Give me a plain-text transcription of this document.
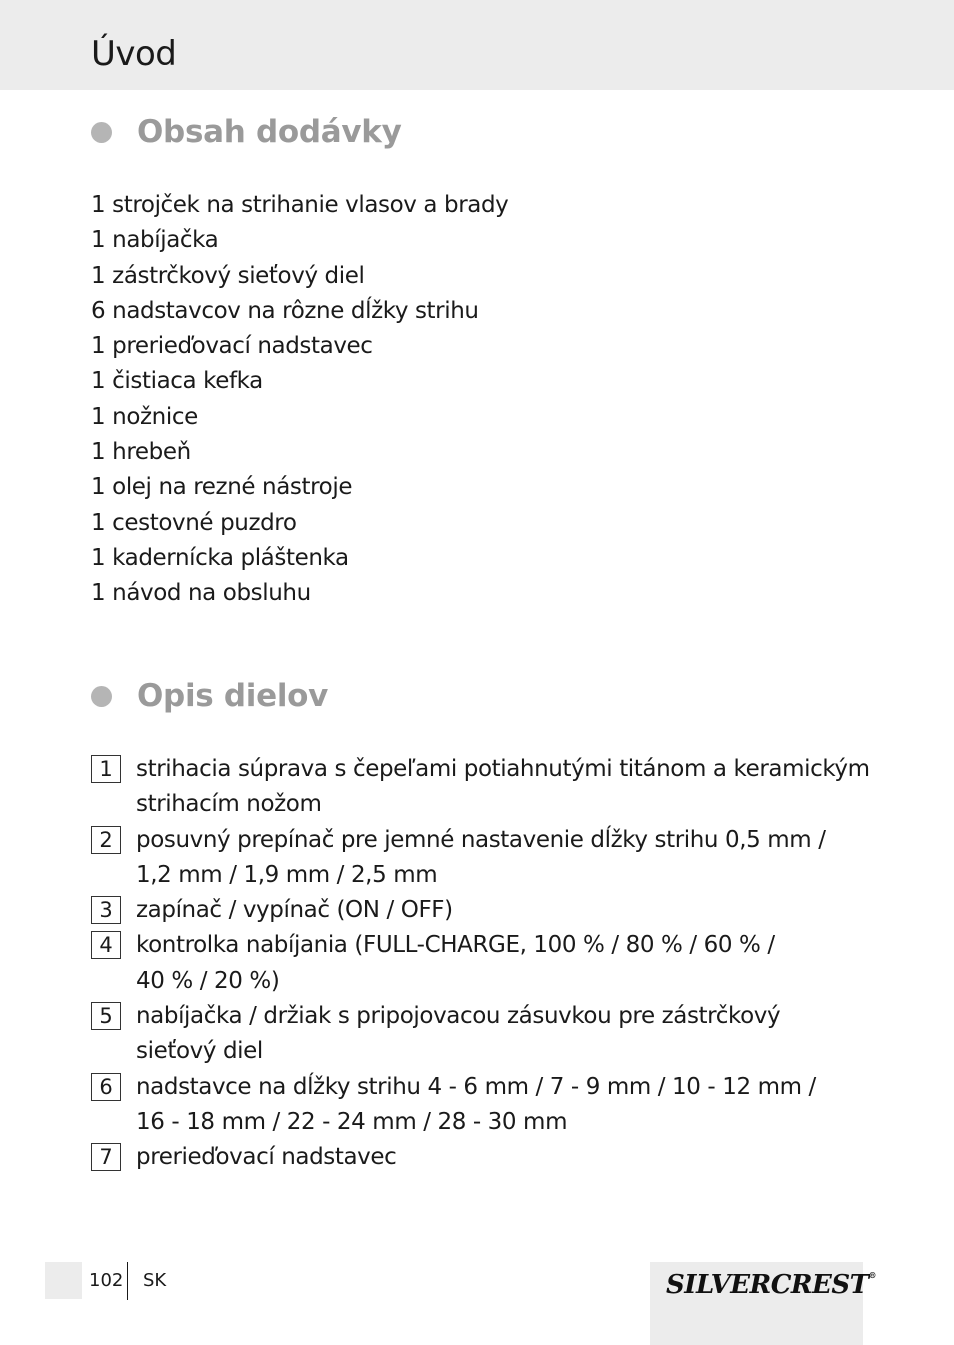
Úvod
Obsah dodávky
1 strojček na strihanie vlasov a brady
1 nabíjačka
1 zástrčkový sieťový diel
6 nadstavcov na rôzne dĺžky strihu
1 prerieďovací nadstavec
1 čistiaca kefka
1 nožnice
1 hrebeň
1 olej na rezné nástroje
1 cestovné puzdro
1 kadernícka pláštenka
1 návod na obsluhu
Opis dielov
1	strihacia súprava s čepeľami potiahnutými titánom a keramickým
strihacím nožom
2	posuvný prepínač pre jemné nastavenie dĺžky strihu 0,5 mm /
1,2 mm / 1,9 mm / 2,5 mm
3	zapínač / vypínač (ON / OFF)
4	kontrolka nabíjania (FULL-CHARGE, 100 % / 80 % / 60 % /
40 % / 20 %)
5	nabíjačka / držiak s pripojovacou zásuvkou pre zástrčkový
sieťový diel
6	nadstavce na dĺžky strihu 4 - 6 mm / 7 - 9 mm / 10 - 12 mm /
16 - 18 mm / 22 - 24 mm / 28 - 30 mm
7	prerieďovací nadstavec
102 SK	SILVERCREST®
